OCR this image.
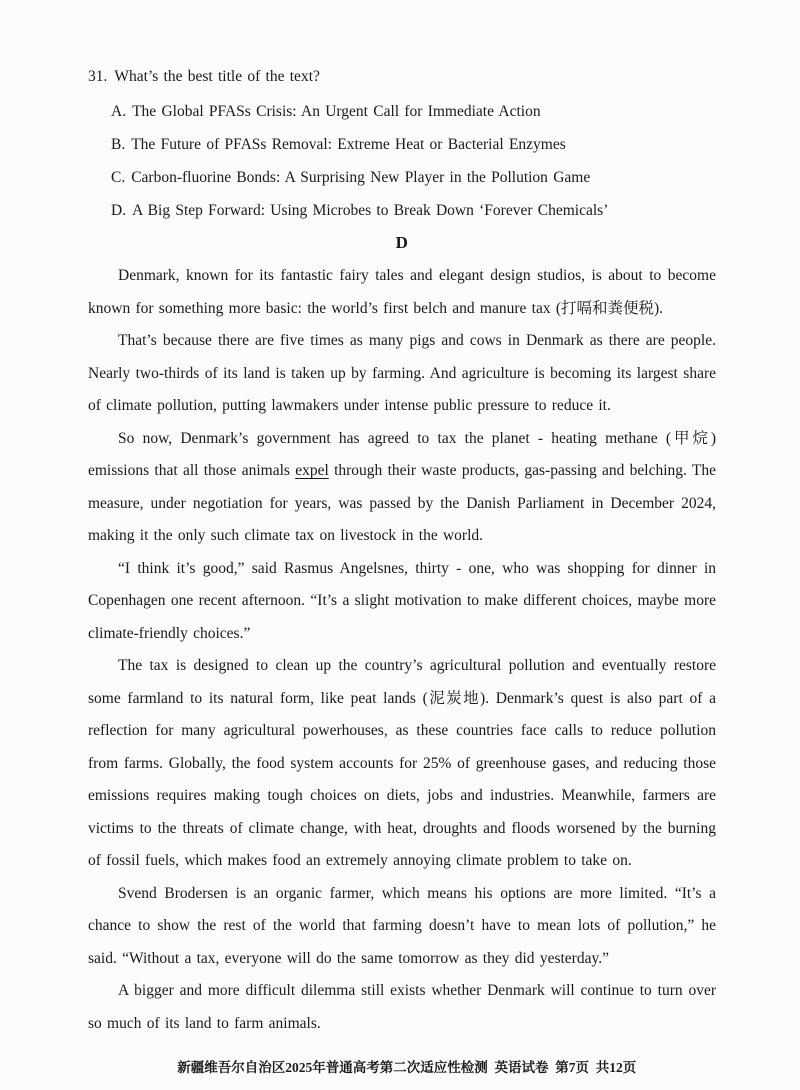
31. What’s the best title of the text?
A. The Global PFASs Crisis: An Urgent Call for Immediate Action
B. The Future of PFASs Removal: Extreme Heat or Bacterial Enzymes
C. Carbon-fluorine Bonds: A Surprising New Player in the Pollution Game
D. A Big Step Forward: Using Microbes to Break Down ‘Forever Chemicals’
D

Denmark, known for its fantastic fairy tales and elegant design studios, is about to become known for something more basic: the world’s first belch and manure tax (打嗝和粪便税).

That’s because there are five times as many pigs and cows in Denmark as there are people. Nearly two-thirds of its land is taken up by farming. And agriculture is becoming its largest share of climate pollution, putting lawmakers under intense public pressure to reduce it.

So now, Denmark’s government has agreed to tax the planet - heating methane (甲烷) emissions that all those animals expel through their waste products, gas-passing and belching. The measure, under negotiation for years, was passed by the Danish Parliament in December 2024, making it the only such climate tax on livestock in the world.

“I think it’s good,” said Rasmus Angelsnes, thirty - one, who was shopping for dinner in Copenhagen one recent afternoon. “It’s a slight motivation to make different choices, maybe more climate-friendly choices.”

The tax is designed to clean up the country’s agricultural pollution and eventually restore some farmland to its natural form, like peat lands (泥炭地). Denmark’s quest is also part of a reflection for many agricultural powerhouses, as these countries face calls to reduce pollution from farms. Globally, the food system accounts for 25% of greenhouse gases, and reducing those emissions requires making tough choices on diets, jobs and industries. Meanwhile, farmers are victims to the threats of climate change, with heat, droughts and floods worsened by the burning of fossil fuels, which makes food an extremely annoying climate problem to take on.

Svend Brodersen is an organic farmer, which means his options are more limited. “It’s a chance to show the rest of the world that farming doesn’t have to mean lots of pollution,” he said. “Without a tax, everyone will do the same tomorrow as they did yesterday.”

A bigger and more difficult dilemma still exists whether Denmark will continue to turn over so much of its land to farm animals.

新疆维吾尔自治区2025年普通高考第二次适应性检测  英语试卷  第7页  共12页
